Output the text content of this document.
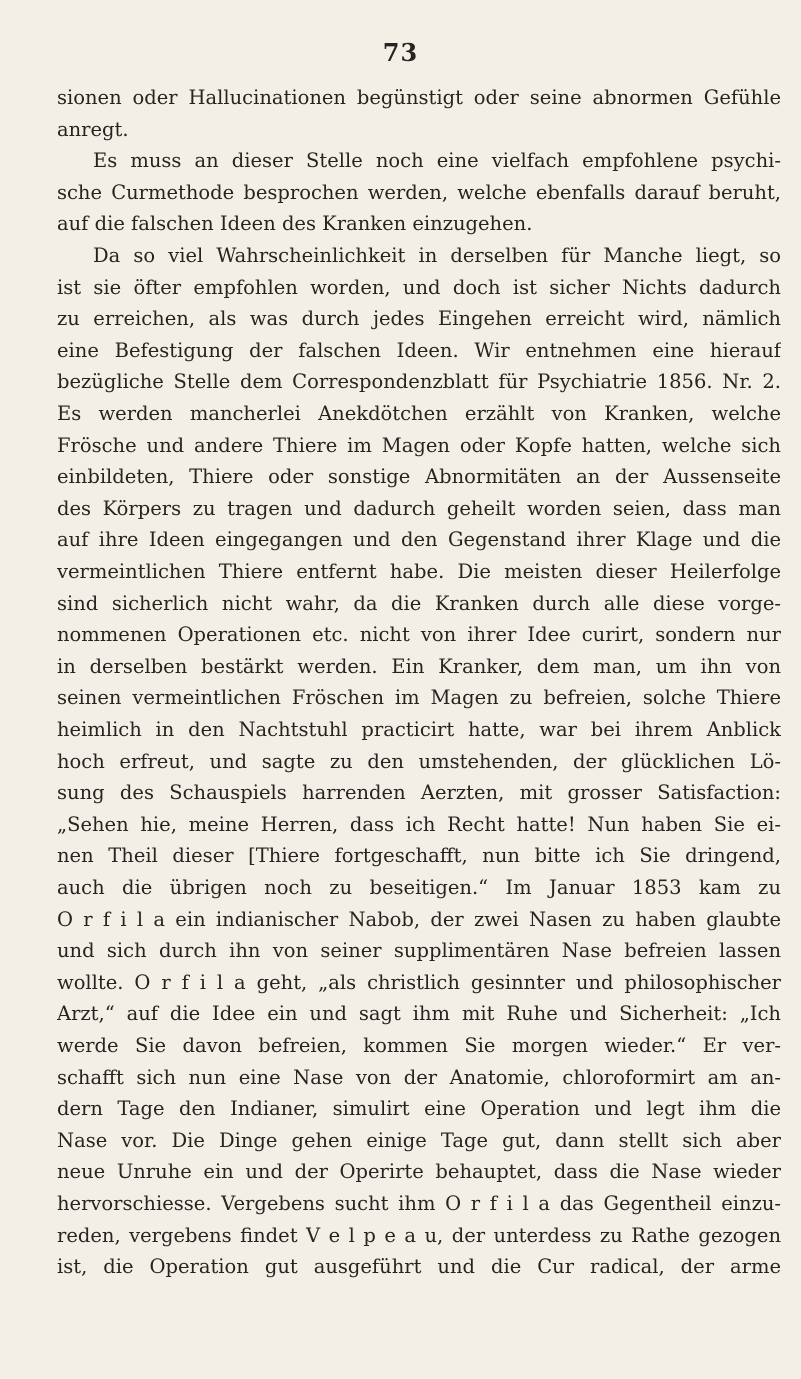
73
sionen oder Hallucinationen begünstigt oder seine abnormen Gefühle
anregt.
Es muss an dieser Stelle noch eine vielfach empfohlene psychi-
sche Curmethode besprochen werden, welche ebenfalls darauf beruht,
auf die falschen Ideen des Kranken einzugehen.
Da so viel Wahrscheinlichkeit in derselben für Manche liegt, so
ist sie öfter empfohlen worden, und doch ist sicher Nichts dadurch
zu erreichen, als was durch jedes Eingehen erreicht wird, nämlich
eine Befestigung der falschen Ideen. Wir entnehmen eine hierauf
bezügliche Stelle dem Correspondenzblatt für Psychiatrie 1856. Nr. 2.
Es werden mancherlei Anekdötchen erzählt von Kranken, welche
Frösche und andere Thiere im Magen oder Kopfe hatten, welche sich
einbildeten, Thiere oder sonstige Abnormitäten an der Aussenseite
des Körpers zu tragen und dadurch geheilt worden seien, dass man
auf ihre Ideen eingegangen und den Gegenstand ihrer Klage und die
vermeintlichen Thiere entfernt habe. Die meisten dieser Heilerfolge
sind sicherlich nicht wahr, da die Kranken durch alle diese vorge-
nommenen Operationen etc. nicht von ihrer Idee curirt, sondern nur
in derselben bestärkt werden. Ein Kranker, dem man, um ihn von
seinen vermeintlichen Fröschen im Magen zu befreien, solche Thiere
heimlich in den Nachtstuhl practicirt hatte, war bei ihrem Anblick
hoch erfreut, und sagte zu den umstehenden, der glücklichen Lö-
sung des Schauspiels harrenden Aerzten, mit grosser Satisfaction:
„Sehen hie, meine Herren, dass ich Recht hatte! Nun haben Sie ei-
nen Theil dieser [Thiere fortgeschafft, nun bitte ich Sie dringend,
auch die übrigen noch zu beseitigen.“ Im Januar 1853 kam zu
O r f i l a ein indianischer Nabob, der zwei Nasen zu haben glaubte
und sich durch ihn von seiner supplimentären Nase befreien lassen
wollte. O r f i l a geht, „als christlich gesinnter und philosophischer
Arzt,“ auf die Idee ein und sagt ihm mit Ruhe und Sicherheit: „Ich
werde Sie davon befreien, kommen Sie morgen wieder.“ Er ver-
schafft sich nun eine Nase von der Anatomie, chloroformirt am an-
dern Tage den Indianer, simulirt eine Operation und legt ihm die
Nase vor. Die Dinge gehen einige Tage gut, dann stellt sich aber
neue Unruhe ein und der Operirte behauptet, dass die Nase wieder
hervorschiesse. Vergebens sucht ihm O r f i l a das Gegentheil einzu-
reden, vergebens findet V e l p e a u, der unterdess zu Rathe gezogen
ist, die Operation gut ausgeführt und die Cur radical, der arme
